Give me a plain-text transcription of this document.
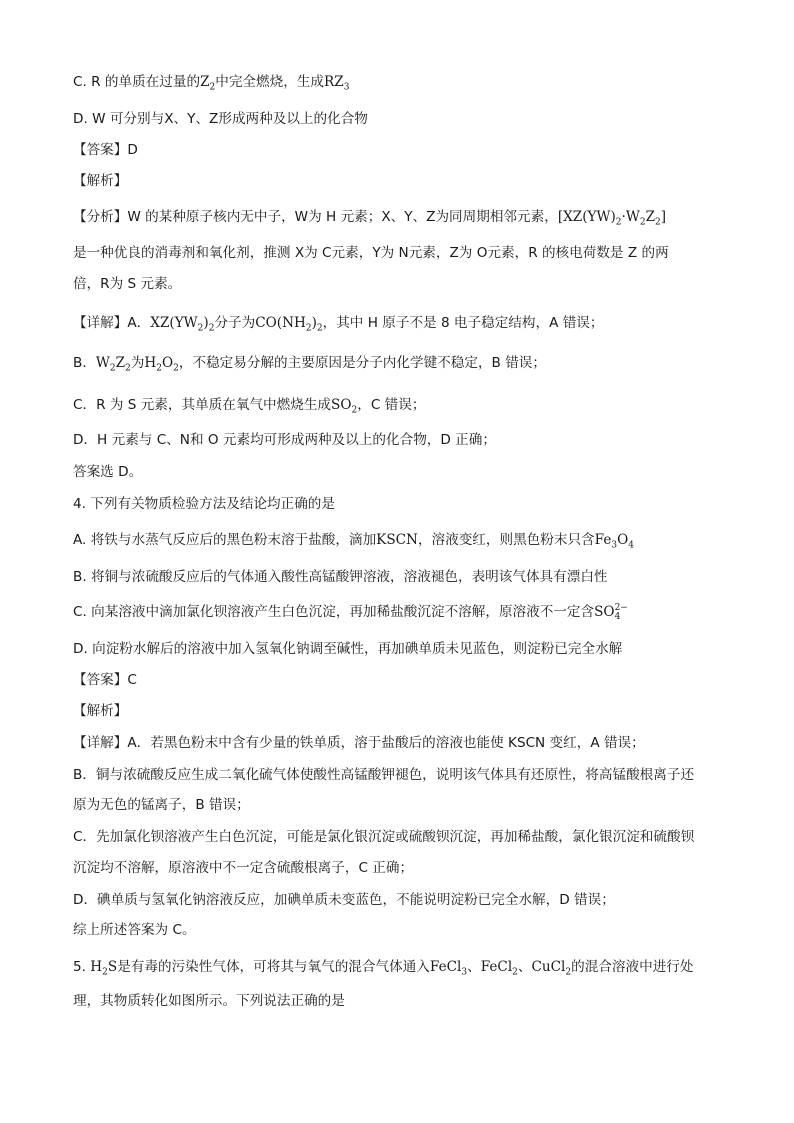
C. R 的单质在过量的$Z_2$中完全燃烧，生成$RZ_3$
D. W 可分别与X、Y、Z形成两种及以上的化合物
【答案】D
【解析】
【分析】W 的某种原子核内无中子，W为 H 元素；X、Y、Z为同周期相邻元素，$[XZ(YW)_2\cdot W_2Z_2]$
是一种优良的消毒剂和氧化剂，推测 X为 C元素，Y为 N元素，Z为 O元素，R 的核电荷数是 Z 的两
倍，R为 S 元素。
【详解】A．$XZ(YW_2)_2$分子为$CO(NH_2)_2$，其中 H 原子不是 8 电子稳定结构，A 错误；
B．$W_2Z_2$为$H_2O_2$，不稳定易分解的主要原因是分子内化学键不稳定，B 错误；
C．R 为 S 元素，其单质在氧气中燃烧生成$SO_2$，C 错误；
D．H 元素与 C、N和 O 元素均可形成两种及以上的化合物，D 正确；
答案选 D。
4. 下列有关物质检验方法及结论均正确的是
A. 将铁与水蒸气反应后的黑色粉末溶于盐酸，滴加KSCN，溶液变红，则黑色粉末只含$Fe_3O_4$
B. 将铜与浓硫酸反应后的气体通入酸性高锰酸钾溶液，溶液褪色，表明该气体具有漂白性
C. 向某溶液中滴加氯化钡溶液产生白色沉淀，再加稀盐酸沉淀不溶解，原溶液不一定含SO 2−
4
D. 向淀粉水解后的溶液中加入氢氧化钠调至碱性，再加碘单质未见蓝色，则淀粉已完全水解
【答案】C
【解析】
【详解】A．若黑色粉末中含有少量的铁单质，溶于盐酸后的溶液也能使 KSCN 变红，A 错误；
B．铜与浓硫酸反应生成二氧化硫气体使酸性高锰酸钾褪色，说明该气体具有还原性，将高锰酸根离子还
原为无色的锰离子，B 错误；
C．先加氯化钡溶液产生白色沉淀，可能是氯化银沉淀或硫酸钡沉淀，再加稀盐酸，氯化银沉淀和硫酸钡
沉淀均不溶解，原溶液中不一定含硫酸根离子，C 正确；
D．碘单质与氢氧化钠溶液反应，加碘单质未变蓝色，不能说明淀粉已完全水解，D 错误；
综上所述答案为 C。
5. $H_2S$是有毒的污染性气体，可将其与氧气的混合气体通入FeCl$_3$、FeCl$_2$、CuCl$_2$的混合溶液中进行处
理，其物质转化如图所示。下列说法正确的是
